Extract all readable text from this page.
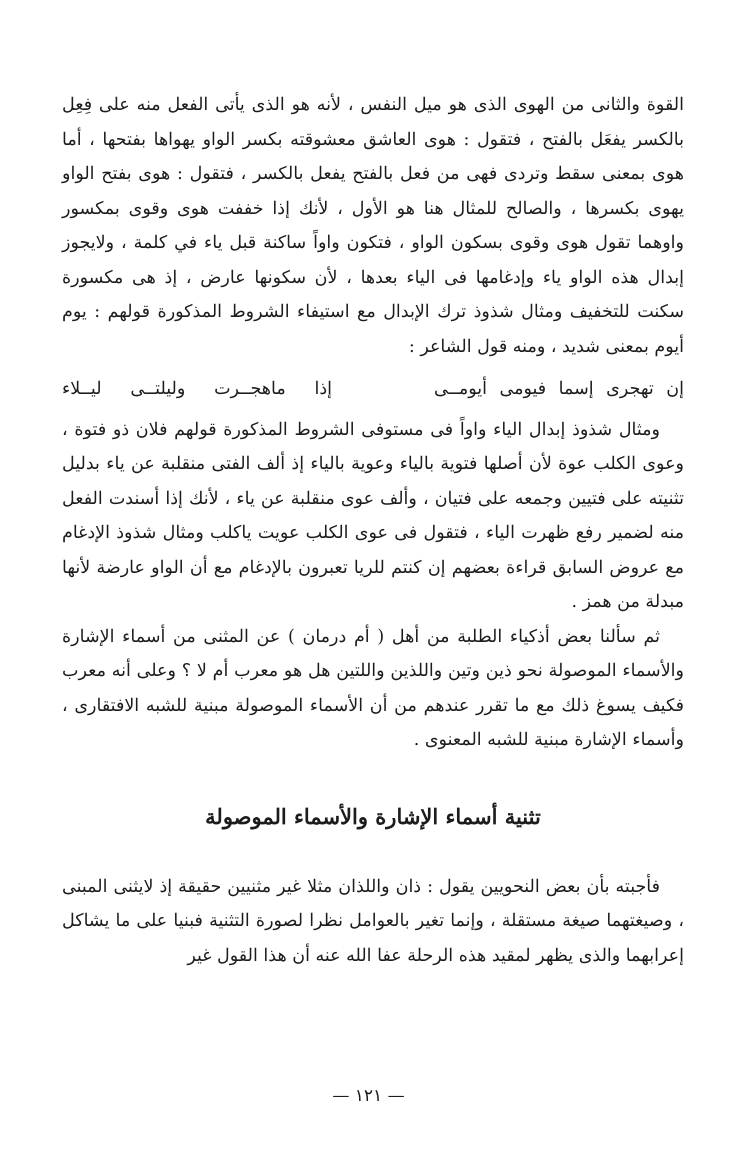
القوة والثانى من الهوى الذى هو ميل النفس ، لأنه هو الذى يأتى الفعل منه على فِعِل بالكسر يفعَل بالفتح ، فتقول : هوى العاشق معشوقته بكسر الواو يهواها بفتحها ، أما هوى بمعنى سقط وتردى فهى من فعل بالفتح يفعل بالكسر ، فتقول : هوى بفتح الواو يهوى بكسرها ، والصالح للمثال هنا هو الأول ، لأنك إذا خففت هوى وقوى بمكسور واوهما تقول هوى وقوى بسكون الواو ، فتكون واواً ساكنة قبل ياء في كلمة ، ولايجوز إبدال هذه الواو ياء وإدغامها فى الياء بعدها ، لأن سكونها عارض ، إذ هى مكسورة سكنت للتخفيف ومثال شذوذ ترك الإبدال مع استيفاء الشروط المذكورة قولهم : يوم أيوم بمعنى شديد ، ومنه قول الشاعر :

إن تهجرى إسما فيومى أيومــى
إذا ماهجــرت وليلتــى ليــلاء

ومثال شذوذ إبدال الياء واواً فى مستوفى الشروط المذكورة قولهم فلان ذو فتوة ، وعوى الكلب عوة لأن أصلها فتوية بالياء وعوية بالياء إذ ألف الفتى منقلبة عن ياء بدليل تثنيته على فتيين وجمعه على فتيان ، وألف عوى منقلبة عن ياء ، لأنك إذا أسندت الفعل منه لضمير رفع ظهرت الياء ، فتقول فى عوى الكلب عويت ياكلب ومثال شذوذ الإدغام مع عروض السابق قراءة بعضهم إن كنتم للريا تعبرون بالإدغام مع أن الواو عارضة لأنها مبدلة من همز .

ثم سألنا بعض أذكياء الطلبة من أهل ( أم درمان ) عن المثنى من أسماء الإشارة والأسماء الموصولة نحو ذين وتين واللذين واللتين هل هو معرب أم لا ؟ وعلى أنه معرب فكيف يسوغ ذلك مع ما تقرر عندهم من أن الأسماء الموصولة مبنية للشبه الافتقارى ، وأسماء الإشارة مبنية للشبه المعنوى .

تثنية أسماء الإشارة والأسماء الموصولة

فأجبته بأن بعض النحويين يقول : ذان واللذان مثلا غير مثنيين حقيقة إذ لايثنى المبنى ، وصيغتهما صيغة مستقلة ، وإنما تغير بالعوامل نظرا لصورة التثنية فبنيا على ما يشاكل إعرابهما والذى يظهر لمقيد هذه الرحلة عفا الله عنه أن هذا القول غير

— ١٢١ —
